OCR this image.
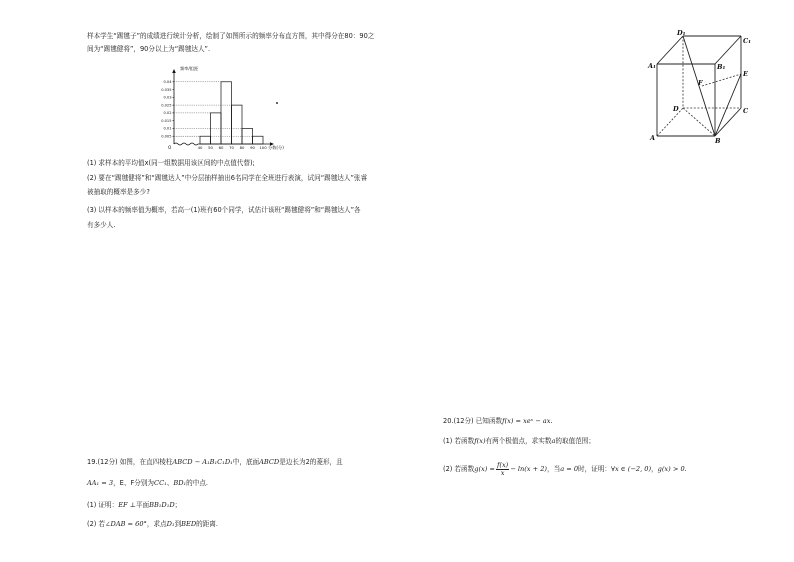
样本学生“踢毽子”的成绩进行统计分析，绘制了如图所示的频率分布直方图，其中得分在80：90之
间为“踢毽健将”，90分以上为“踢毽达人”.
0.005
0.01
0.015
0.02
0.025
0.03
0.035
0.04
40 50 60 70 80 90 100
频率/组距
分数(分)
O
(1) 求样本的平均值x(同一组数据用该区间的中点值代替);
(2) 要在“踢毽健将”和“踢毽达人”中分层抽样抽出6名同学在全班进行表演，试问“踢毽达人”张睿
被抽取的概率是多少?
(3) 以样本的频率值为概率，若高一(1)班有60个同学，试估计该班“踢毽健将”和“踢毽达人”各
有多少人.
D₁
C₁
A₁	B₁
E
F
D	C
A	B
19.(12分) 如图，在直四棱柱ABCD − A₁B₁C₁D₁中，底面ABCD是边长为2的菱形，且
AA₁ = 3，E、F分别为CC₁、BD₁的中点.
(1) 证明：EF ⊥平面BB₁D₁D；
(2) 若∠DAB = 60°，求点D₁到BED的距离.
20.(12分) 已知函数f(x) = xeˣ − ax.
(1) 若函数f(x)有两个极值点，求实数a的取值范围；
(2) 若函数 $g(x) = \frac{f(x)}{x} - \ln(x + 2)$ ，当 a = 0 时，证明： ∀x ∈ (−2, 0) ， g(x) > 0 .
